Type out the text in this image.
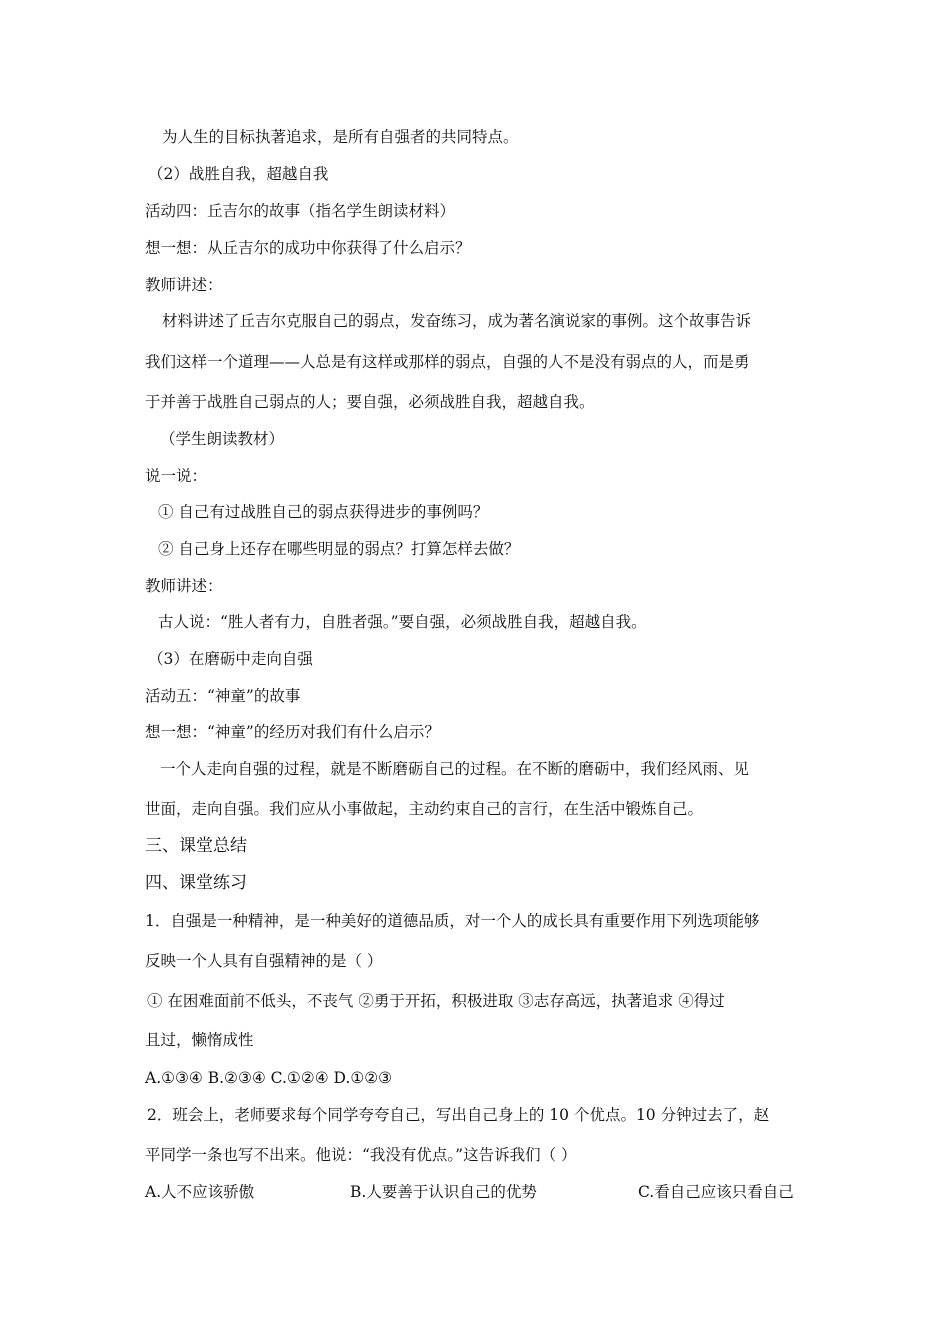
为人生的目标执著追求，是所有自强者的共同特点。
（2）战胜自我，超越自我
活动四：丘吉尔的故事（指名学生朗读材料）
想一想：从丘吉尔的成功中你获得了什么启示？
教师讲述：
材料讲述了丘吉尔克服自己的弱点，发奋练习，成为著名演说家的事例。这个故事告诉
我们这样一个道理——人总是有这样或那样的弱点，自强的人不是没有弱点的人，而是勇
于并善于战胜自己弱点的人；要自强，必须战胜自我，超越自我。
（学生朗读教材）
说一说：
① 自己有过战胜自己的弱点获得进步的事例吗？
② 自己身上还存在哪些明显的弱点？打算怎样去做？
教师讲述：
古人说：“胜人者有力，自胜者强。”要自强，必须战胜自我，超越自我。
（3）在磨砺中走向自强
活动五：“神童”的故事
想一想：“神童”的经历对我们有什么启示？
一个人走向自强的过程，就是不断磨砺自己的过程。在不断的磨砺中，我们经风雨、见
世面，走向自强。我们应从小事做起，主动约束自己的言行，在生活中锻炼自己。
三、课堂总结
四、课堂练习
1．自强是一种精神，是一种美好的道德品质，对一个人的成长具有重要作用下列选项能够
反映一个人具有自强精神的是（ ）
① 在困难面前不低头，不丧气 ②勇于开拓，积极进取 ③志存高远，执著追求 ④得过
且过，懒惰成性
A.①③④ B.②③④ C.①②④ D.①②③
2．班会上，老师要求每个同学夸夸自己，写出自己身上的 10 个优点。10 分钟过去了，赵
平同学一条也写不出来。他说：“我没有优点。”这告诉我们（ ）
A.人不应该骄傲	B.人要善于认识自己的优势	C.看自己应该只看自己
